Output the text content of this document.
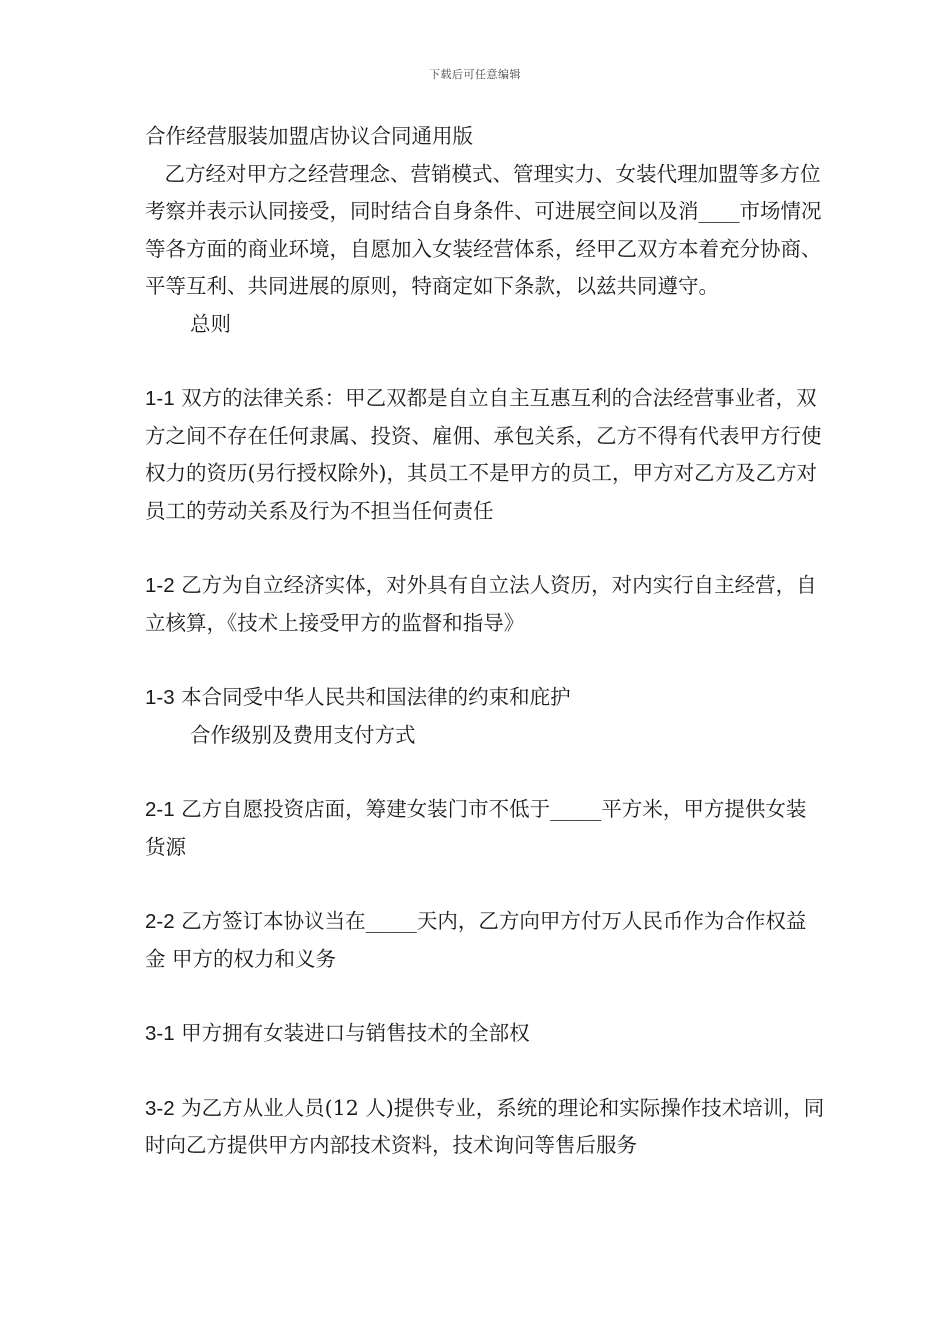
下载后可任意编辑

合作经营服装加盟店协议合同通用版

乙方经对甲方之经营理念、营销模式、管理实力、女装代理加盟等多方位考察并表示认同接受，同时结合自身条件、可进展空间以及消____市场情况等各方面的商业环境，自愿加入女装经营体系，经甲乙双方本着充分协商、平等互利、共同进展的原则，特商定如下条款，以兹共同遵守。

总则

1-1 双方的法律关系：甲乙双都是自立自主互惠互利的合法经营事业者，双方之间不存在任何隶属、投资、雇佣、承包关系，乙方不得有代表甲方行使权力的资历(另行授权除外)，其员工不是甲方的员工，甲方对乙方及乙方对员工的劳动关系及行为不担当任何责任

1-2 乙方为自立经济实体，对外具有自立法人资历，对内实行自主经营，自立核算，《技术上接受甲方的监督和指导》

1-3 本合同受中华人民共和国法律的约束和庇护

合作级别及费用支付方式

2-1 乙方自愿投资店面，筹建女装门市不低于_____平方米，甲方提供女装货源

2-2 乙方签订本协议当在_____天内，乙方向甲方付万人民币作为合作权益金 甲方的权力和义务

3-1 甲方拥有女装进口与销售技术的全部权

3-2 为乙方从业人员(12 人)提供专业，系统的理论和实际操作技术培训，同时向乙方提供甲方内部技术资料，技术询问等售后服务
